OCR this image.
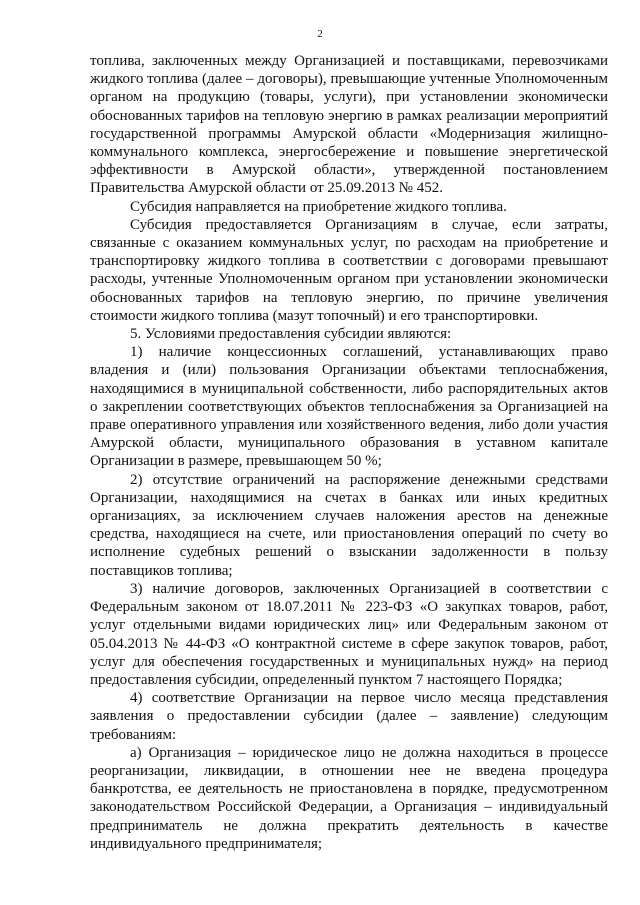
2

топлива, заключенных между Организацией и поставщиками, перевозчиками жидкого топлива (далее – договоры), превышающие учтенные Уполномоченным органом на продукцию (товары, услуги), при установлении экономически обоснованных тарифов на тепловую энергию в рамках реализации мероприятий государственной программы Амурской области «Модернизация жилищно-коммунального комплекса, энергосбережение и повышение энергетической эффективности в Амурской области», утвержденной постановлением Правительства Амурской области от 25.09.2013 № 452.

Субсидия направляется на приобретение жидкого топлива.

Субсидия предоставляется Организациям в случае, если затраты, связанные с оказанием коммунальных услуг, по расходам на приобретение и транспортировку жидкого топлива в соответствии с договорами превышают расходы, учтенные Уполномоченным органом при установлении экономически обоснованных тарифов на тепловую энергию, по причине увеличения стоимости жидкого топлива (мазут топочный) и его транспортировки.

5. Условиями предоставления субсидии являются:

1) наличие концессионных соглашений, устанавливающих право владения и (или) пользования Организации объектами теплоснабжения, находящимися в муниципальной собственности, либо распорядительных актов о закреплении соответствующих объектов теплоснабжения за Организацией на праве оперативного управления или хозяйственного ведения, либо доли участия Амурской области, муниципального образования в уставном капитале Организации в размере, превышающем 50 %;

2) отсутствие ограничений на распоряжение денежными средствами Организации, находящимися на счетах в банках или иных кредитных организациях, за исключением случаев наложения арестов на денежные средства, находящиеся на счете, или приостановления операций по счету во исполнение судебных решений о взыскании задолженности в пользу поставщиков топлива;

3) наличие договоров, заключенных Организацией в соответствии с Федеральным законом от 18.07.2011 № 223-ФЗ «О закупках товаров, работ, услуг отдельными видами юридических лиц» или Федеральным законом от 05.04.2013 № 44-ФЗ «О контрактной системе в сфере закупок товаров, работ, услуг для обеспечения государственных и муниципальных нужд» на период предоставления субсидии, определенный пунктом 7 настоящего Порядка;

4) соответствие Организации на первое число месяца представления заявления о предоставлении субсидии (далее – заявление) следующим требованиям:

а) Организация – юридическое лицо не должна находиться в процессе реорганизации, ликвидации, в отношении нее не введена процедура банкротства, ее деятельность не приостановлена в порядке, предусмотренном законодательством Российской Федерации, а Организация – индивидуальный предприниматель не должна прекратить деятельность в качестве индивидуального предпринимателя;
